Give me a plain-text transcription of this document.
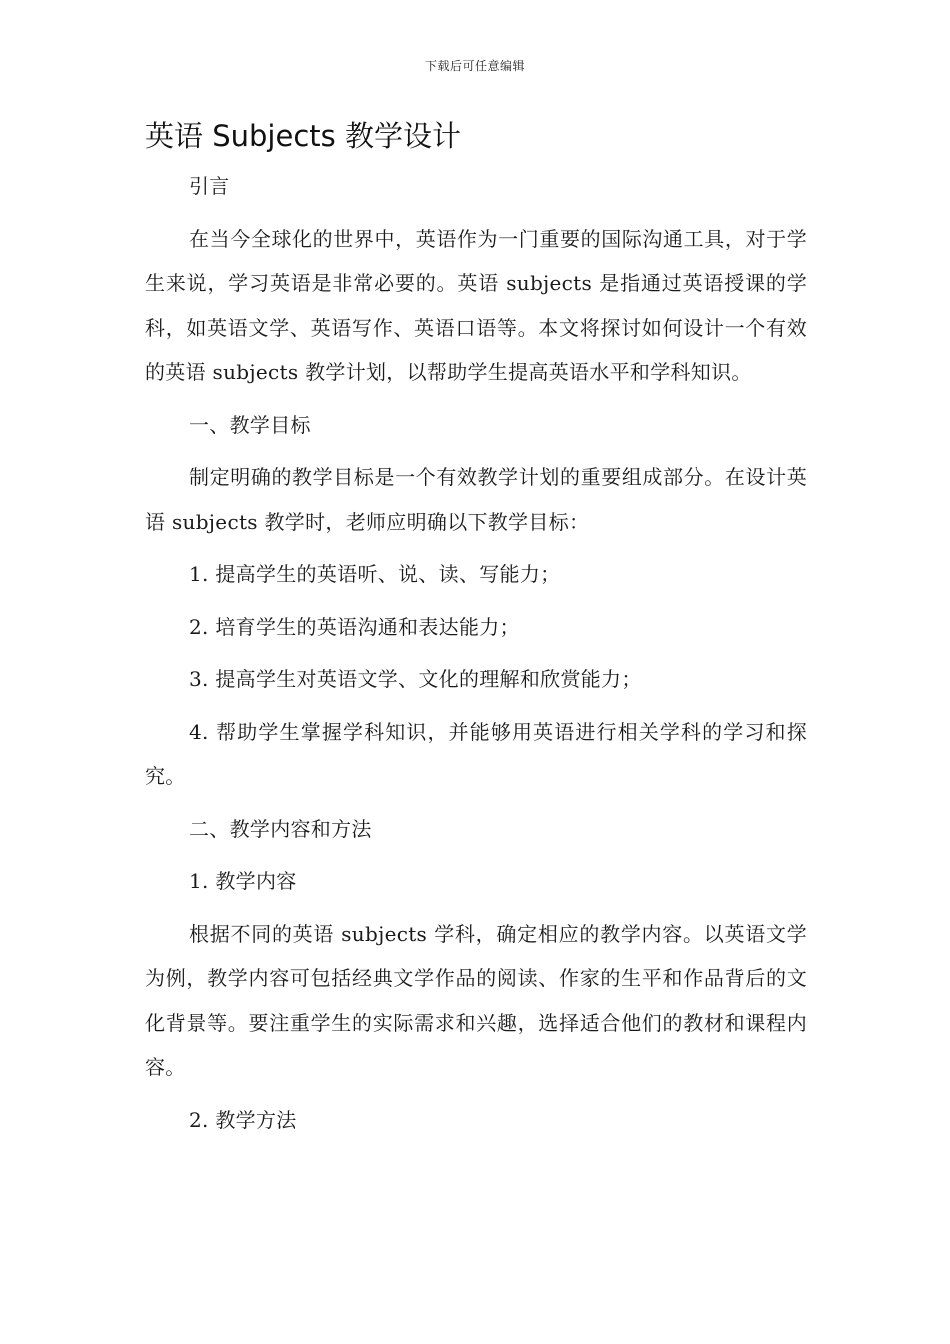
下载后可任意编辑
英语 Subjects 教学设计

引言

在当今全球化的世界中，英语作为一门重要的国际沟通工具，对于学生来说，学习英语是非常必要的。英语 subjects 是指通过英语授课的学科，如英语文学、英语写作、英语口语等。本文将探讨如何设计一个有效的英语 subjects 教学计划，以帮助学生提高英语水平和学科知识。

一、教学目标

制定明确的教学目标是一个有效教学计划的重要组成部分。在设计英语 subjects 教学时，老师应明确以下教学目标：

1. 提高学生的英语听、说、读、写能力；

2. 培育学生的英语沟通和表达能力；

3. 提高学生对英语文学、文化的理解和欣赏能力；

4. 帮助学生掌握学科知识，并能够用英语进行相关学科的学习和探究。

二、教学内容和方法

1. 教学内容

根据不同的英语 subjects 学科，确定相应的教学内容。以英语文学为例，教学内容可包括经典文学作品的阅读、作家的生平和作品背后的文化背景等。要注重学生的实际需求和兴趣，选择适合他们的教材和课程内容。

2. 教学方法
